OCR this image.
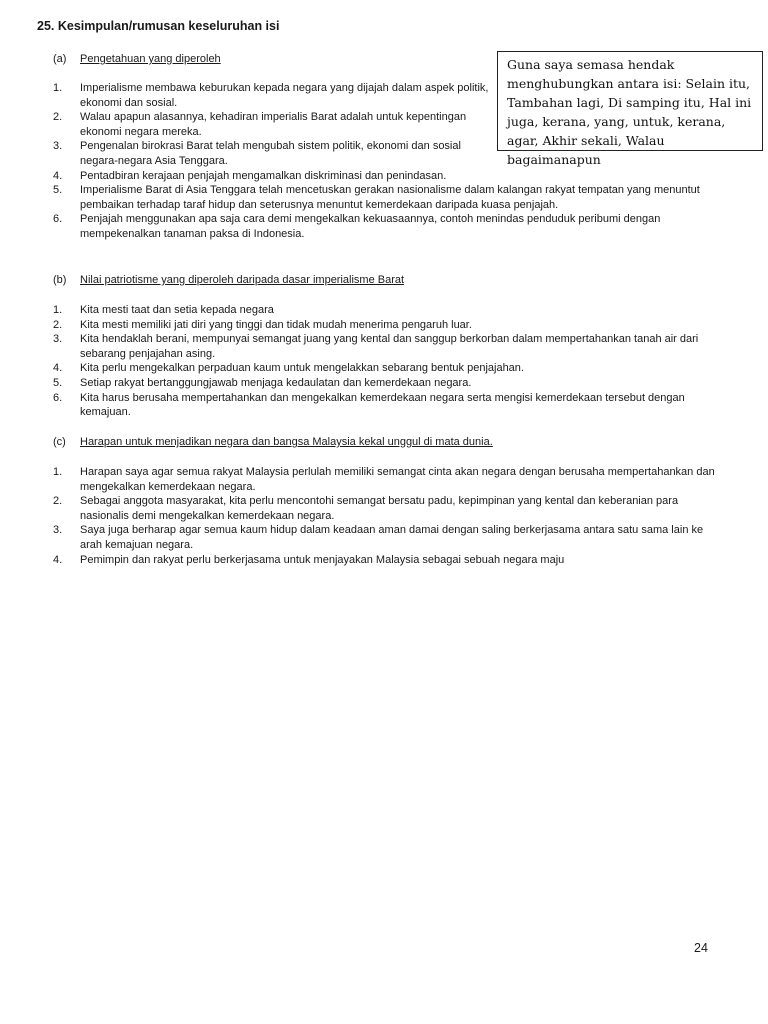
25. Kesimpulan/rumusan keseluruhan isi
Guna saya semasa hendak menghubungkan antara isi: Selain itu, Tambahan lagi, Di samping itu, Hal ini juga, kerana, yang, untuk, kerana, agar, Akhir sekali, Walau bagaimanapun
(a)	Pengetahuan yang diperoleh
1.	Imperialisme membawa keburukan kepada negara yang dijajah dalam aspek politik, ekonomi dan sosial.
2.	Walau apapun alasannya, kehadiran imperialis Barat adalah untuk kepentingan ekonomi negara mereka.
3.	Pengenalan birokrasi Barat telah mengubah sistem politik, ekonomi dan sosial negara-negara Asia Tenggara.
4.	Pentadbiran kerajaan penjajah mengamalkan diskriminasi dan penindasan.
5.	Imperialisme Barat di Asia Tenggara telah mencetuskan gerakan nasionalisme dalam kalangan rakyat tempatan yang menuntut pembaikan terhadap taraf hidup dan seterusnya menuntut kemerdekaan daripada kuasa penjajah.
6.	Penjajah menggunakan apa saja cara demi mengekalkan kekuasaannya, contoh menindas penduduk peribumi dengan mempekenalkan tanaman paksa di Indonesia.
(b)	Nilai patriotisme yang diperoleh daripada dasar imperialisme Barat
1.	Kita mesti taat dan setia kepada negara
2.	Kita mesti memiliki jati diri yang tinggi dan tidak mudah menerima pengaruh luar.
3.	Kita hendaklah berani, mempunyai semangat juang yang kental dan sanggup berkorban dalam mempertahankan tanah air dari sebarang penjajahan asing.
4.	Kita perlu mengekalkan perpaduan kaum untuk mengelakkan sebarang bentuk penjajahan.
5.	Setiap rakyat bertanggungjawab menjaga kedaulatan dan kemerdekaan negara.
6.	Kita harus berusaha mempertahankan dan mengekalkan kemerdekaan negara serta mengisi kemerdekaan tersebut dengan kemajuan.
(c)	Harapan untuk menjadikan negara dan bangsa Malaysia kekal unggul di mata dunia.
1.	Harapan saya agar semua rakyat Malaysia perlulah memiliki semangat cinta akan negara dengan berusaha mempertahankan dan mengekalkan kemerdekaan negara.
2.	Sebagai anggota masyarakat, kita perlu mencontohi semangat bersatu padu, kepimpinan yang kental dan keberanian para nasionalis demi mengekalkan kemerdekaan negara.
3.	Saya juga berharap agar semua kaum hidup dalam keadaan aman damai dengan saling berkerjasama antara satu sama lain ke arah kemajuan negara.
4.	Pemimpin dan rakyat perlu berkerjasama untuk menjayakan Malaysia sebagai sebuah negara maju
24
